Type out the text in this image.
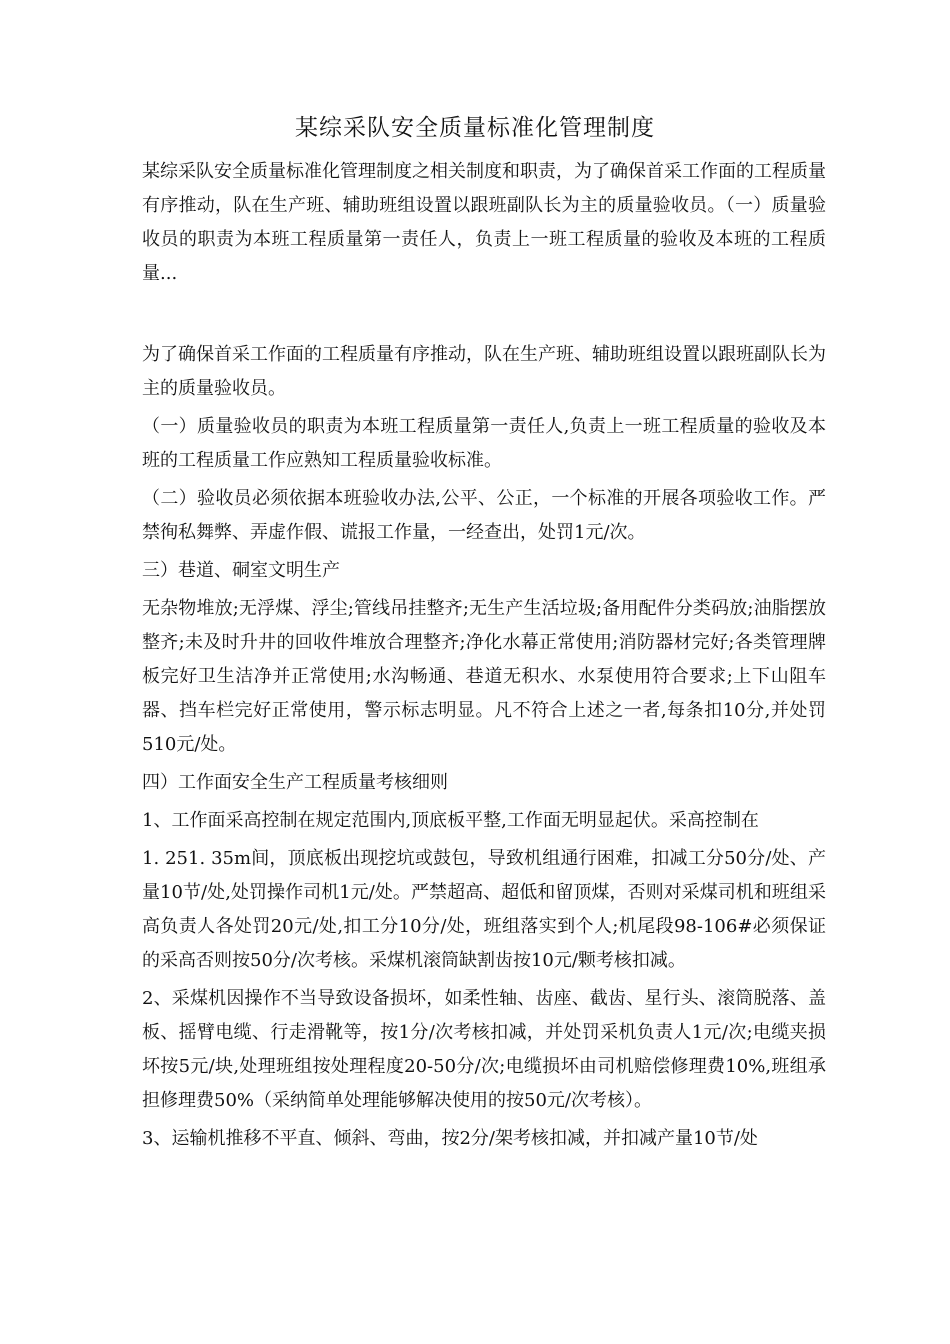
某综采队安全质量标准化管理制度

某综采队安全质量标准化管理制度之相关制度和职责，为了确保首采工作面的工程质量有序推动，队在生产班、辅助班组设置以跟班副队长为主的质量验收员。（一）质量验收员的职责为本班工程质量第一责任人，负责上一班工程质量的验收及本班的工程质量...

为了确保首采工作面的工程质量有序推动，队在生产班、辅助班组设置以跟班副队长为主的质量验收员。

（一）质量验收员的职责为本班工程质量第一责任人,负责上一班工程质量的验收及本班的工程质量工作应熟知工程质量验收标准。

（二）验收员必须依据本班验收办法,公平、公正，一个标准的开展各项验收工作。严禁徇私舞弊、弄虚作假、谎报工作量，一经查出，处罚1元/次。

三）巷道、硐室文明生产

无杂物堆放;无浮煤、浮尘;管线吊挂整齐;无生产生活垃圾;备用配件分类码放;油脂摆放整齐;未及时升井的回收件堆放合理整齐;净化水幕正常使用;消防器材完好;各类管理牌板完好卫生洁净并正常使用;水沟畅通、巷道无积水、水泵使用符合要求;上下山阻车器、挡车栏完好正常使用，警示标志明显。凡不符合上述之一者,每条扣10分,并处罚510元/处。

四）工作面安全生产工程质量考核细则

1、工作面采高控制在规定范围内,顶底板平整,工作面无明显起伏。采高控制在

1. 251. 35m间，顶底板出现挖坑或鼓包，导致机组通行困难，扣减工分50分/处、产量10节/处,处罚操作司机1元/处。严禁超高、超低和留顶煤，否则对采煤司机和班组采高负责人各处罚20元/处,扣工分10分/处，班组落实到个人;机尾段98-106#必须保证的采高否则按50分/次考核。采煤机滚筒缺割齿按10元/颗考核扣减。

2、采煤机因操作不当导致设备损坏，如柔性轴、齿座、截齿、星行头、滚筒脱落、盖板、摇臂电缆、行走滑靴等，按1分/次考核扣减，并处罚采机负责人1元/次;电缆夹损坏按5元/块,处理班组按处理程度20-50分/次;电缆损坏由司机赔偿修理费10%,班组承担修理费50%（采纳简单处理能够解决使用的按50元/次考核）。

3、运输机推移不平直、倾斜、弯曲，按2分/架考核扣减，并扣减产量10节/处
